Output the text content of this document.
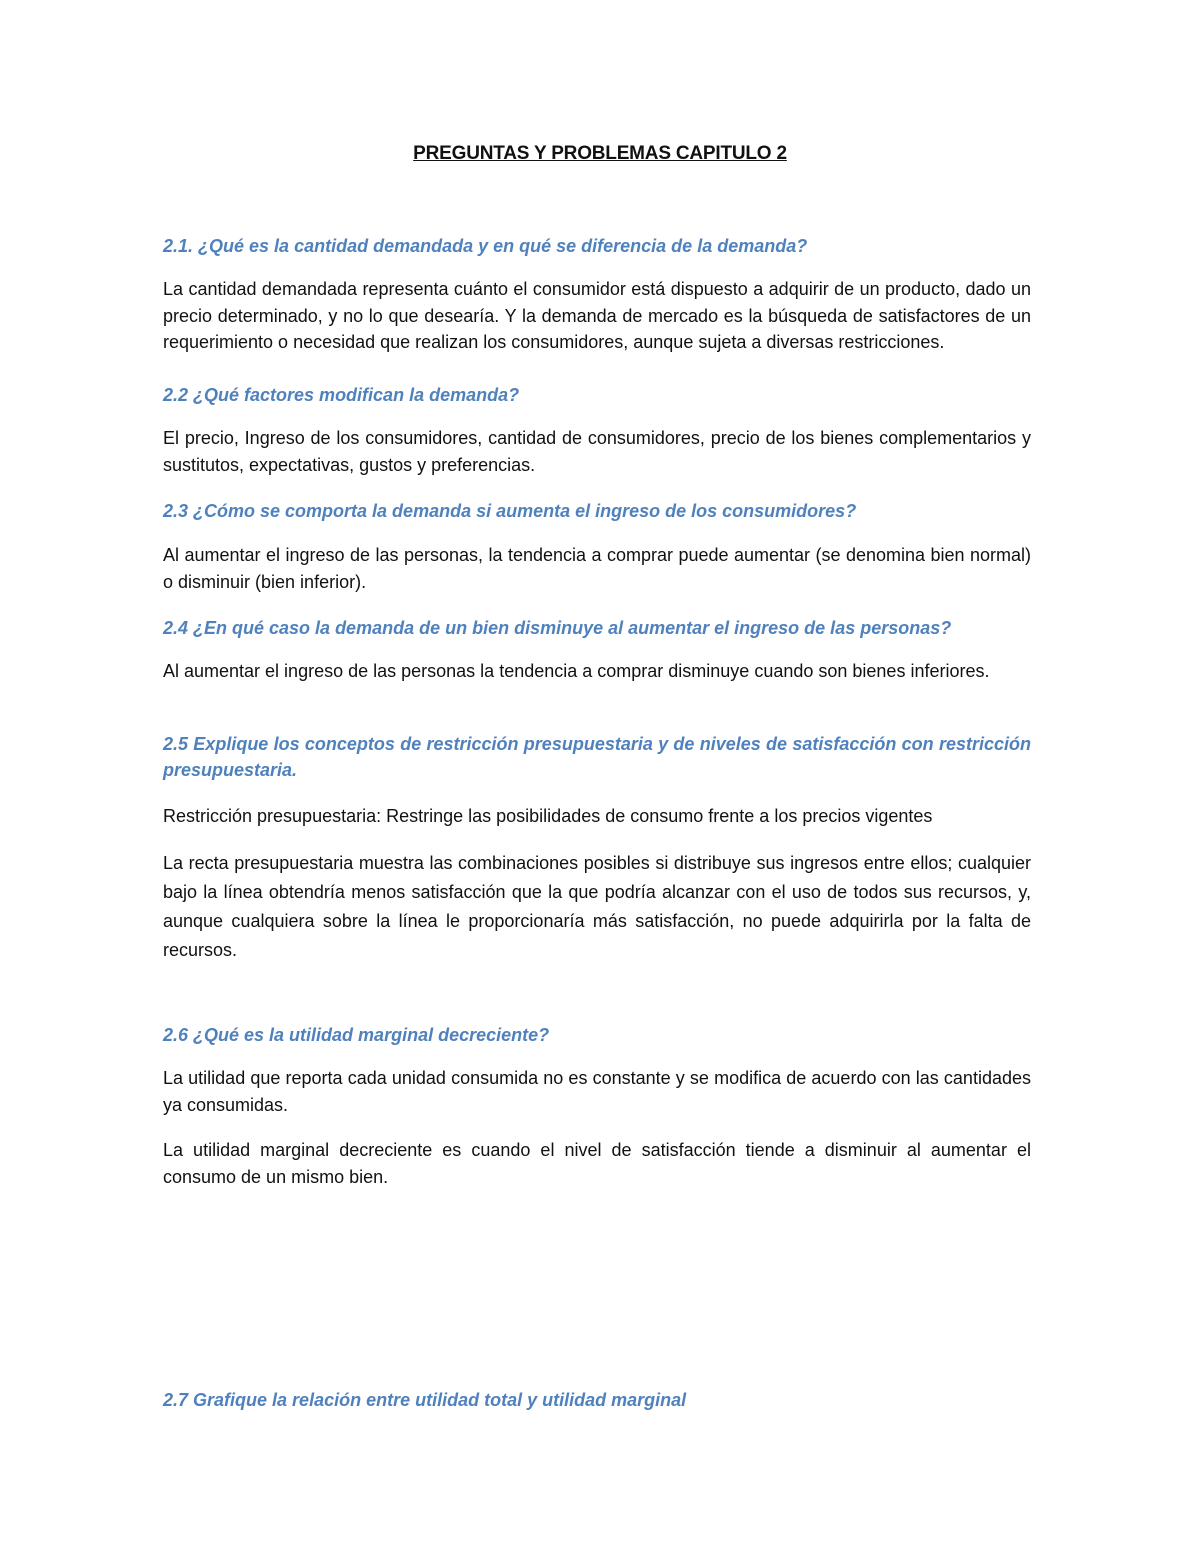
PREGUNTAS Y PROBLEMAS CAPITULO 2
2.1. ¿Qué es la cantidad demandada y en qué se diferencia de la demanda?
La cantidad demandada representa cuánto el consumidor está dispuesto a adquirir de un producto, dado un precio determinado, y no lo que desearía. Y la demanda de mercado es la búsqueda de satisfactores de un requerimiento o necesidad que realizan los consumidores, aunque sujeta a diversas restricciones.
2.2 ¿Qué factores modifican la demanda?
El precio, Ingreso de los consumidores, cantidad de consumidores, precio de los bienes complementarios y sustitutos, expectativas, gustos y preferencias.
2.3 ¿Cómo se comporta la demanda si aumenta el ingreso de los consumidores?
Al aumentar el ingreso de las personas, la tendencia a comprar puede aumentar (se denomina bien normal) o disminuir (bien inferior).
2.4 ¿En qué caso la demanda de un bien disminuye al aumentar el ingreso de las personas?
Al aumentar el ingreso de las personas la tendencia a comprar disminuye cuando son bienes inferiores.
2.5 Explique los conceptos de restricción presupuestaria y de niveles de satisfacción con restricción presupuestaria.
Restricción presupuestaria: Restringe las posibilidades de consumo frente a los precios vigentes
La recta presupuestaria muestra las combinaciones posibles si distribuye sus ingresos entre ellos; cualquier bajo la línea obtendría menos satisfacción que la que podría alcanzar con el uso de todos sus recursos, y, aunque cualquiera sobre la línea le proporcionaría más satisfacción, no puede adquirirla por la falta de recursos.
2.6 ¿Qué es la utilidad marginal decreciente?
La utilidad que reporta cada unidad consumida no es constante y se modifica de acuerdo con las cantidades ya consumidas.
La utilidad marginal decreciente es cuando el nivel de satisfacción tiende a disminuir al aumentar el consumo de un mismo bien.
2.7 Grafique la relación entre utilidad total y utilidad marginal
